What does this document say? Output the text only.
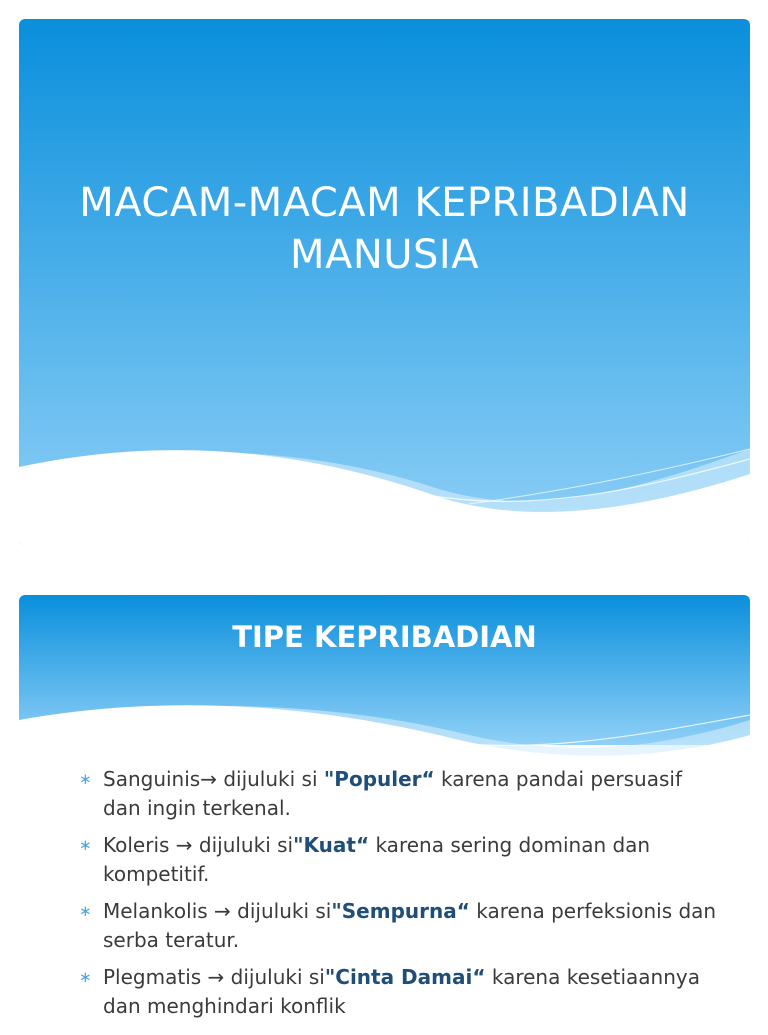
MACAM-MACAM KEPRIBADIAN
MANUSIA
TIPE KEPRIBADIAN
∗ Sanguinis→ dijuluki si "Populer“ karena pandai persuasif dan ingin terkenal.
∗ Koleris → dijuluki si"Kuat“ karena sering dominan dan kompetitif.
∗ Melankolis → dijuluki si"Sempurna“ karena perfeksionis dan serba teratur.
∗ Plegmatis → dijuluki si"Cinta Damai“ karena kesetiaannya dan menghindari konflik
